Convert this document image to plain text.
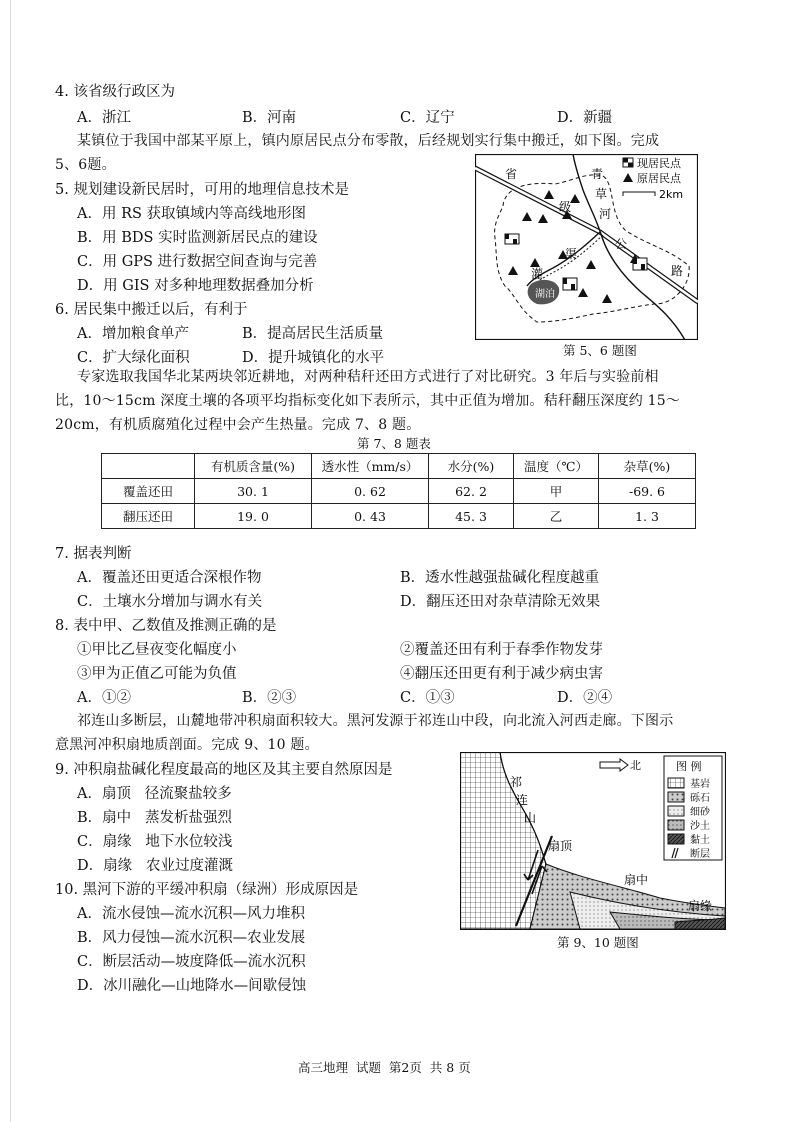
4. 该省级行政区为
A．浙江	B．河南	C．辽宁	D．新疆
某镇位于我国中部某平原上，镇内原居民点分布零散，后经规划实行集中搬迁，如下图。完成
5、6题。
5. 规划建设新民居时，可用的地理信息技术是
A．用 RS 获取镇域内等高线地形图
B．用 BDS 实时监测新居民点的建设
C．用 GPS 进行数据空间查询与完善
D．用 GIS 对多种地理数据叠加分析
6. 居民集中搬迁以后，有利于
A．增加粮食单产	B．提高居民生活质量
C．扩大绿化面积	D．提升城镇化的水平
湖泊
省
级
公
路
青
草
河
灌
渠
现居民点
原居民点
2km
第 5、6 题图
专家选取我国华北某两块邻近耕地，对两种秸秆还田方式进行了对比研究。3 年后与实验前相
比，10～15cm 深度土壤的各项平均指标变化如下表所示，其中正值为增加。秸秆翻压深度约 15～
20cm，有机质腐殖化过程中会产生热量。完成 7、8 题。
第 7、8 题表
	有机质含量(%)	透水性（mm/s）	水分(%)	温度（℃）	杂草(%)
覆盖还田	30. 1	0. 62	62. 2	甲	-69. 6
翻压还田	19. 0	0. 43	45. 3	乙	1. 3
7. 据表判断
A．覆盖还田更适合深根作物	B．透水性越强盐碱化程度越重
C．土壤水分增加与调水有关	D．翻压还田对杂草清除无效果
8. 表中甲、乙数值及推测正确的是
①甲比乙昼夜变化幅度小	②覆盖还田有利于春季作物发芽
③甲为正值乙可能为负值	④翻压还田更有利于减少病虫害
A．①②	B．②③	C．①③	D．②④
祁连山多断层，山麓地带冲积扇面积较大。黑河发源于祁连山中段，向北流入河西走廊。下图示
意黑河冲积扇地质剖面。完成 9、10 题。
9. 冲积扇盐碱化程度最高的地区及其主要自然原因是
A．扇顶   径流聚盐较多
B．扇中   蒸发析盐强烈
C．扇缘   地下水位较浅
D．扇缘   农业过度灌溉
10. 黑河下游的平缓冲积扇（绿洲）形成原因是
A．流水侵蚀—流水沉积—风力堆积
B．风力侵蚀—流水沉积—农业发展
C．断层活动—坡度降低—流水沉积
D．冰川融化—山地降水—间歇侵蚀
祁
连
山
扇顶
扇中
扇缘
北	图 例
基岩
砾石
细砂
沙土
黏土
断层
第 9、10 题图
高三地理  试题  第2页  共 8 页
